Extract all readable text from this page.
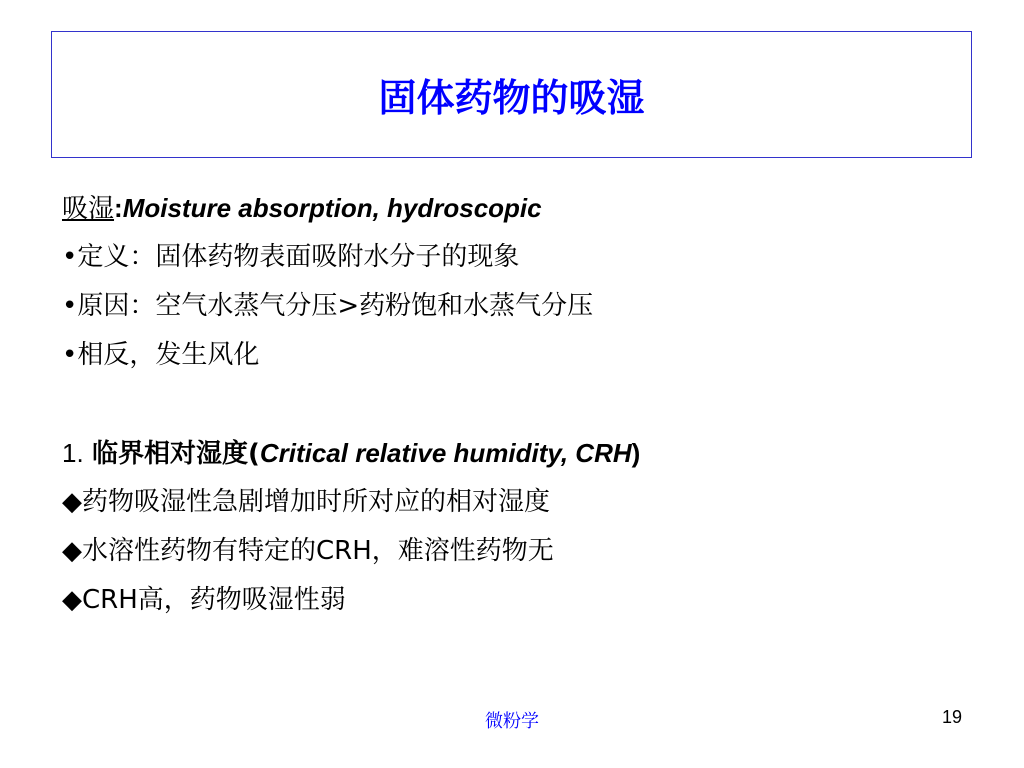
固体药物的吸湿
吸湿:Moisture absorption, hydroscopic
•定义：固体药物表面吸附水分子的现象
•原因：空气水蒸气分压>药粉饱和水蒸气分压
•相反，发生风化
1. 临界相对湿度(Critical relative humidity, CRH)
◆药物吸湿性急剧增加时所对应的相对湿度
◆水溶性药物有特定的CRH，难溶性药物无
◆CRH高，药物吸湿性弱
微粉学	19
